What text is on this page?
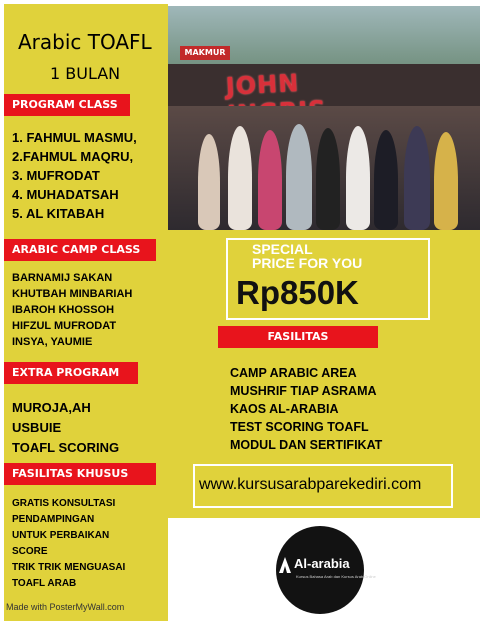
MAKMUR
JOHN
Arabic TOAFL
1 BULAN
PROGRAM CLASS
1. FAHMUL MASMU,
2.FAHMUL MAQRU,
3. MUFRODAT
4. MUHADATSAH
5. AL KITABAH
ARABIC CAMP CLASS
BARNAMIJ SAKAN
KHUTBAH MINBARIAH
IBAROH KHOSSOH
HIFZUL MUFRODAT
INSYA, YAUMIE
EXTRA PROGRAM
MUROJA,AH
USBUIE
TOAFL SCORING
FASILITAS KHUSUS
GRATIS KONSULTASI
PENDAMPINGAN
UNTUK PERBAIKAN
SCORE
TRIK TRIK MENGUASAI
TOAFL ARAB
SPECIAL
PRICE FOR YOU
Rp850K
FASILITAS
CAMP ARABIC AREA
MUSHRIF TIAP ASRAMA
KAOS AL-ARABIA
TEST SCORING TOAFL
MODUL DAN SERTIFIKAT
www.kursusarabparekediri.com
Al-arabia
Kursus Bahasa Arab dan Kursus Arab Online
Made with PosterMyWall.com
